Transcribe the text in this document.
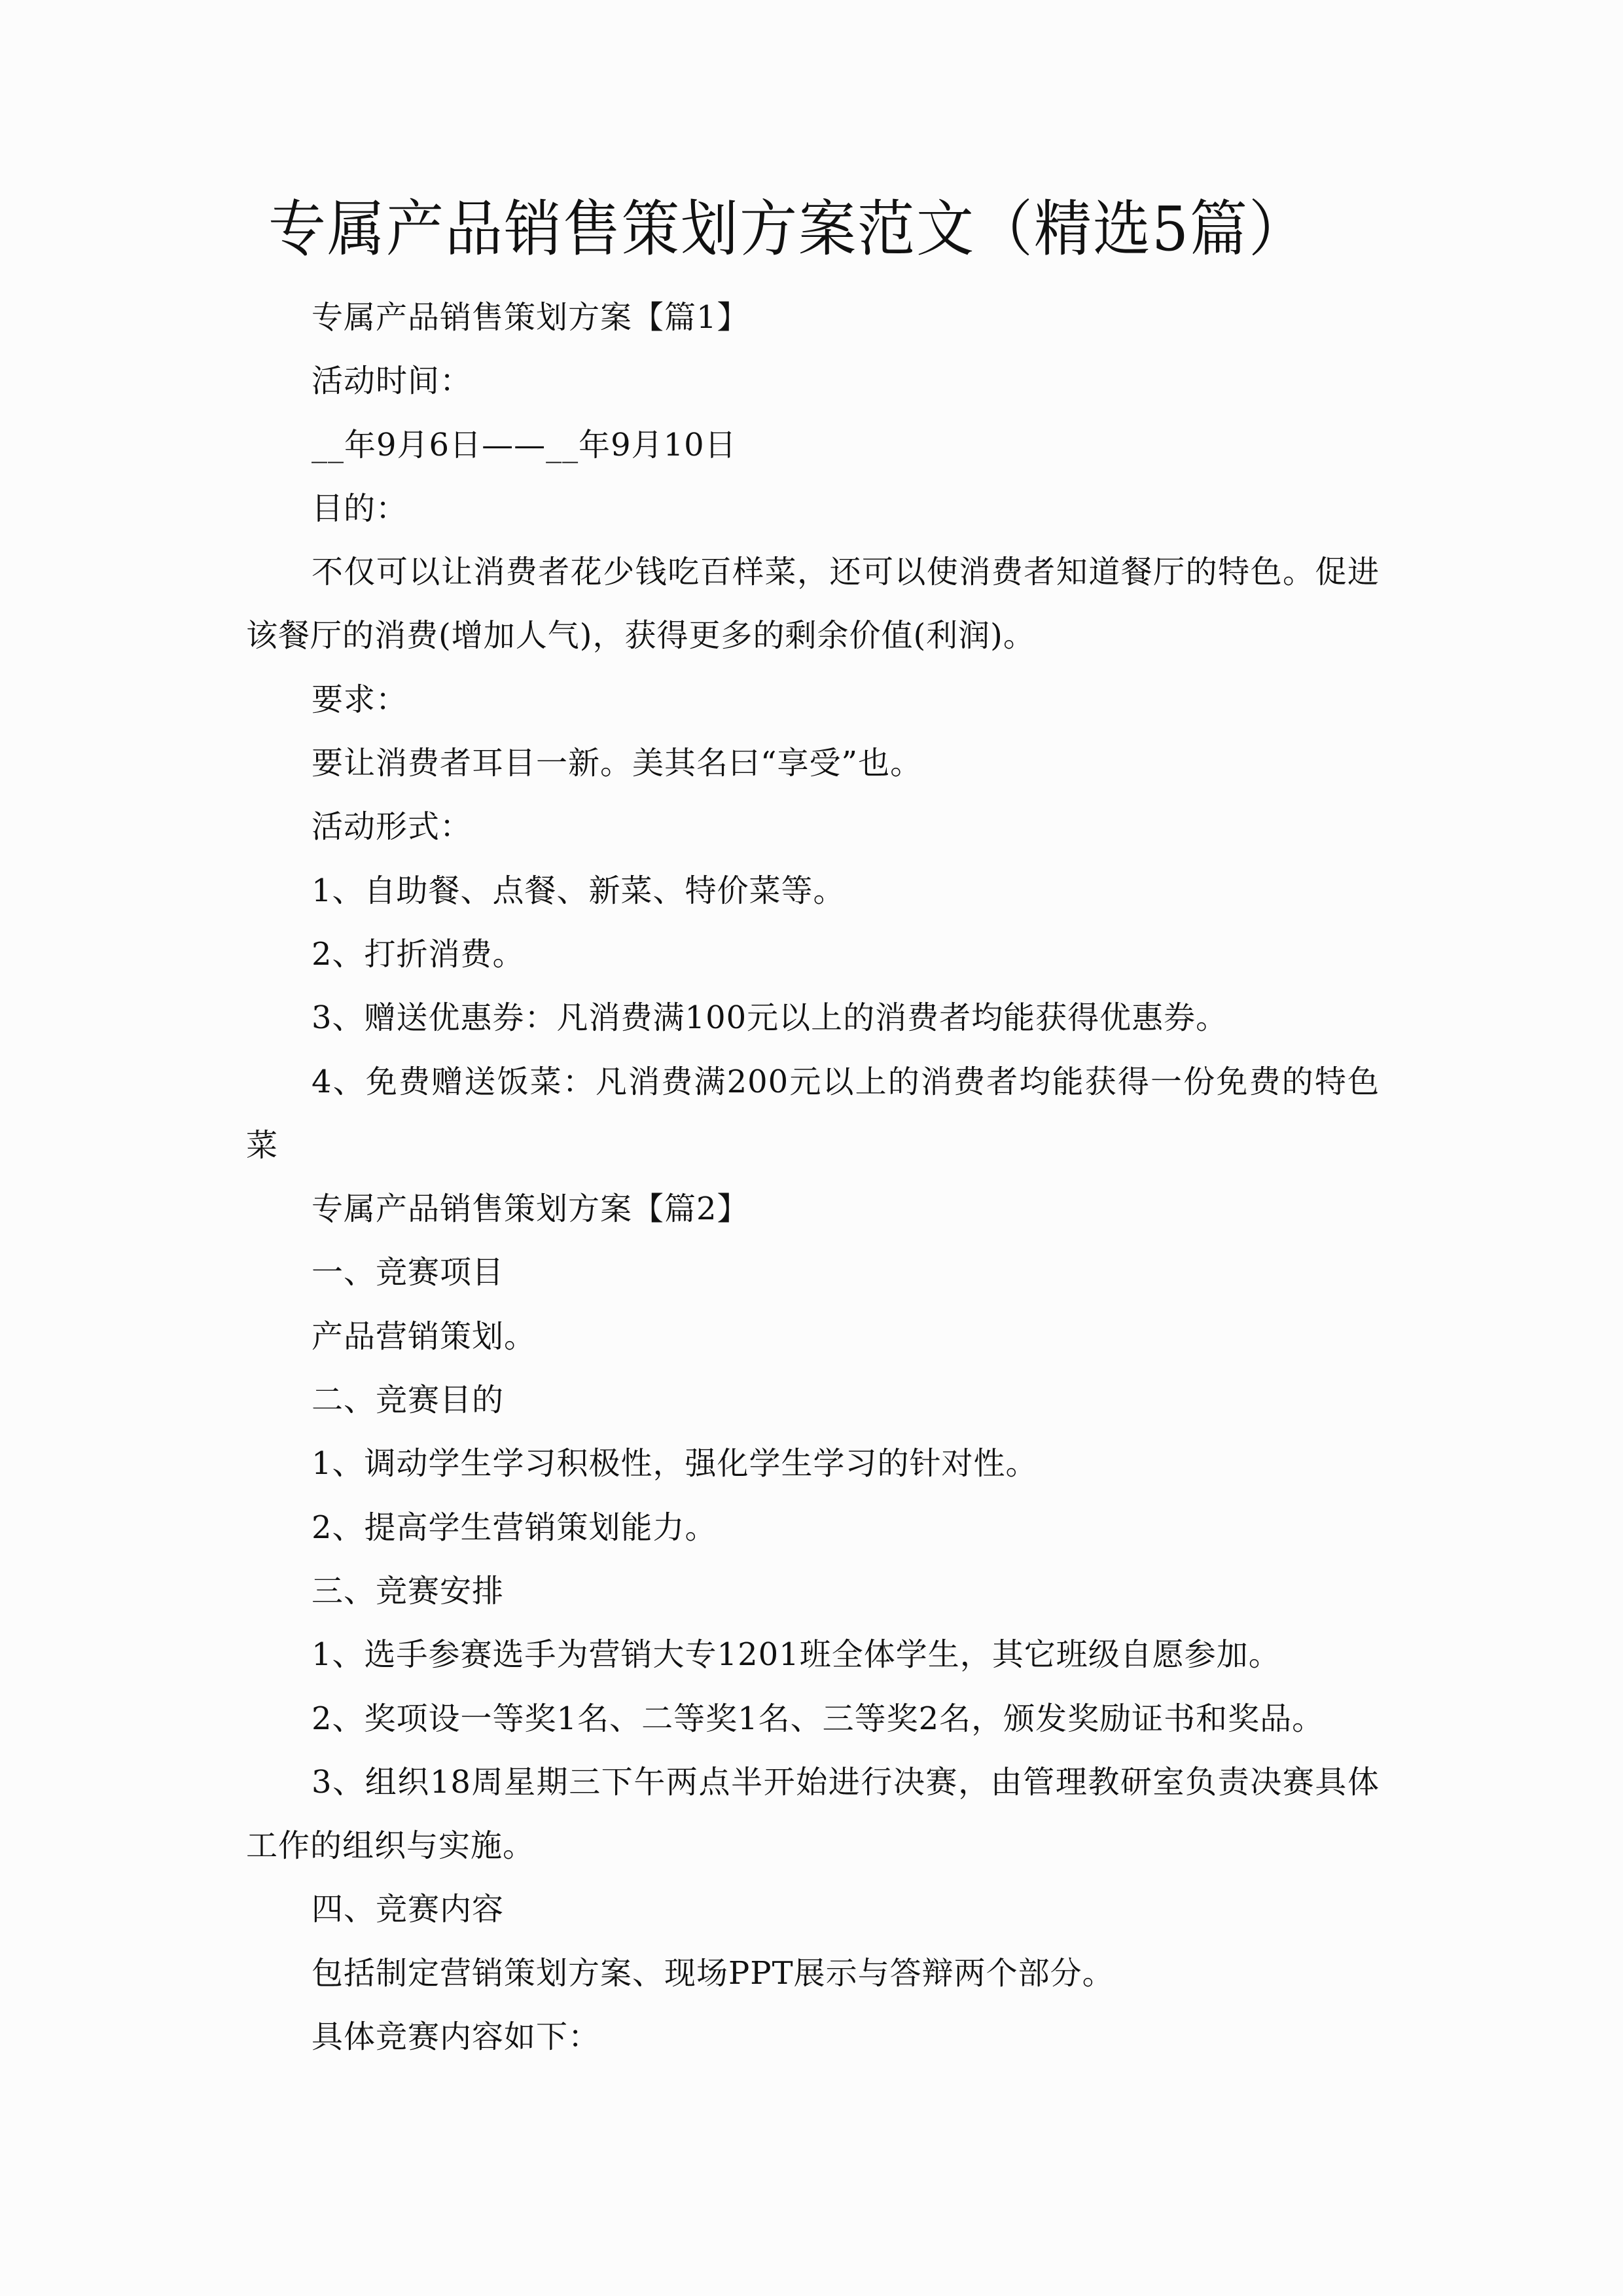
专属产品销售策划方案范文（精选5篇）

专属产品销售策划方案【篇1】

活动时间：

__年9月6日——__年9月10日

目的：

不仅可以让消费者花少钱吃百样菜，还可以使消费者知道餐厅的特色。促进该餐厅的消费(增加人气)，获得更多的剩余价值(利润)。

要求：

要让消费者耳目一新。美其名曰“享受”也。

活动形式：

1、自助餐、点餐、新菜、特价菜等。

2、打折消费。

3、赠送优惠券：凡消费满100元以上的消费者均能获得优惠券。

4、免费赠送饭菜：凡消费满200元以上的消费者均能获得一份免费的特色菜

专属产品销售策划方案【篇2】

一、竞赛项目

产品营销策划。

二、竞赛目的

1、调动学生学习积极性，强化学生学习的针对性。

2、提高学生营销策划能力。

三、竞赛安排

1、选手参赛选手为营销大专1201班全体学生，其它班级自愿参加。

2、奖项设一等奖1名、二等奖1名、三等奖2名，颁发奖励证书和奖品。

3、组织18周星期三下午两点半开始进行决赛，由管理教研室负责决赛具体工作的组织与实施。

四、竞赛内容

包括制定营销策划方案、现场PPT展示与答辩两个部分。

具体竞赛内容如下：
